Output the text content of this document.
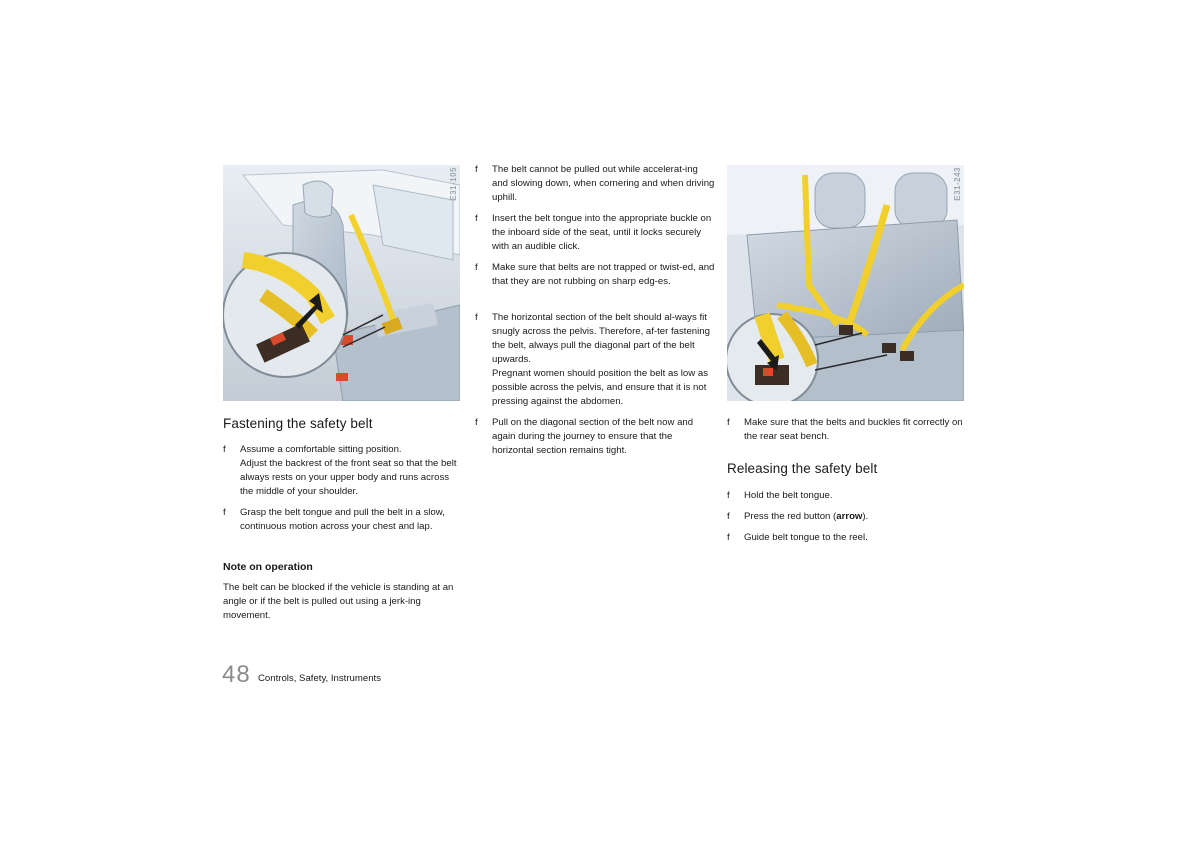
E31-105	E31-243
Fastening the safety belt
f	Assume a comfortable sitting position.

Adjust the backrest of the front seat so that the belt always rests on your upper body and runs across the middle of your shoulder.

f	Grasp the belt tongue and pull the belt in a slow, continuous motion across your chest and lap.

Note on operation
The belt can be blocked if the vehicle is standing at an angle or if the belt is pulled out using a jerk-ing movement.
f	The belt cannot be pulled out while accelerat-ing and slowing down, when cornering and when driving uphill.

f	Insert the belt tongue into the appropriate buckle on the inboard side of the seat, until it locks securely with an audible click.

f	Make sure that belts are not trapped or twist-ed, and that they are not rubbing on sharp edg-es.

f	The horizontal section of the belt should al-ways fit snugly across the pelvis. Therefore, af-ter fastening the belt, always pull the diagonal part of the belt upwards.

Pregnant women should position the belt as low as possible across the pelvis, and ensure that it is not pressing against the abdomen.

f	Pull on the diagonal section of the belt now and again during the journey to ensure that the horizontal section remains tight.

f	Make sure that the belts and buckles fit correctly on the rear seat bench.

Releasing the safety belt
f	Hold the belt tongue.

f	Press the red button (arrow).

f	Guide belt tongue to the reel.

48 Controls, Safety, Instruments
